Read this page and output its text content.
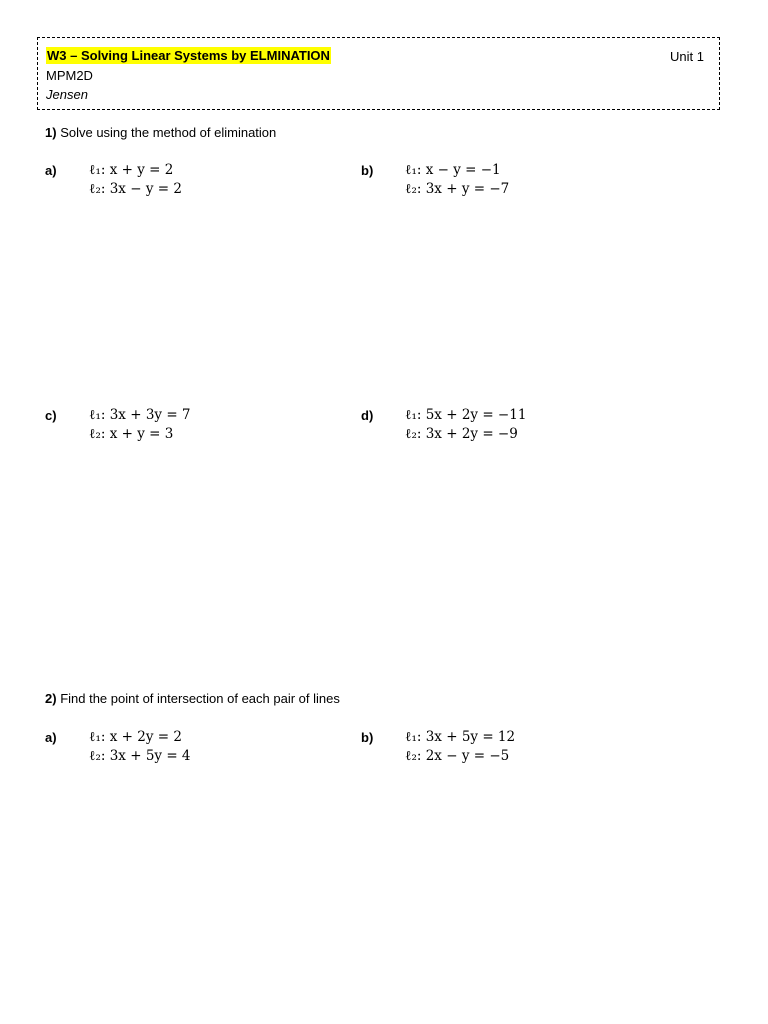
W3 – Solving Linear Systems by ELMINATION	Unit 1
MPM2D
Jensen
1) Solve using the method of elimination
a) ℓ₁: x + y = 2
ℓ₂: 3x − y = 2
b) ℓ₁: x − y = −1
ℓ₂: 3x + y = −7
c) ℓ₁: 3x + 3y = 7
ℓ₂: x + y = 3
d) ℓ₁: 5x + 2y = −11
ℓ₂: 3x + 2y = −9
2) Find the point of intersection of each pair of lines
a) ℓ₁: x + 2y = 2
ℓ₂: 3x + 5y = 4
b) ℓ₁: 3x + 5y = 12
ℓ₂: 2x − y = −5
